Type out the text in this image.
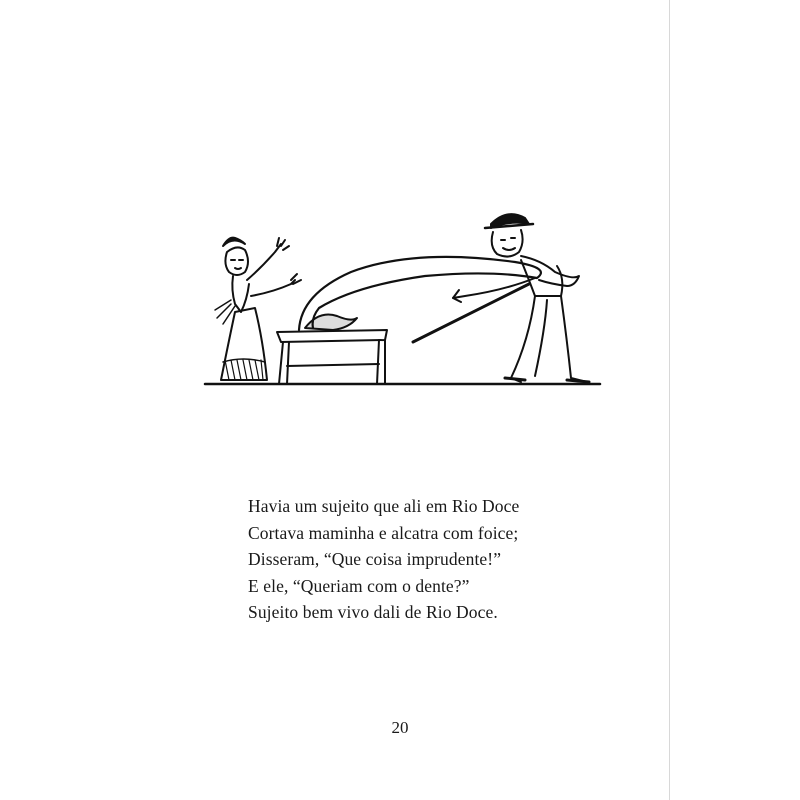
Havia um sujeito que ali em Rio Doce
Cortava maminha e alcatra com foice;
Disseram, “Que coisa imprudente!”
E ele, “Queriam com o dente?”
Sujeito bem vivo dali de Rio Doce.
20
